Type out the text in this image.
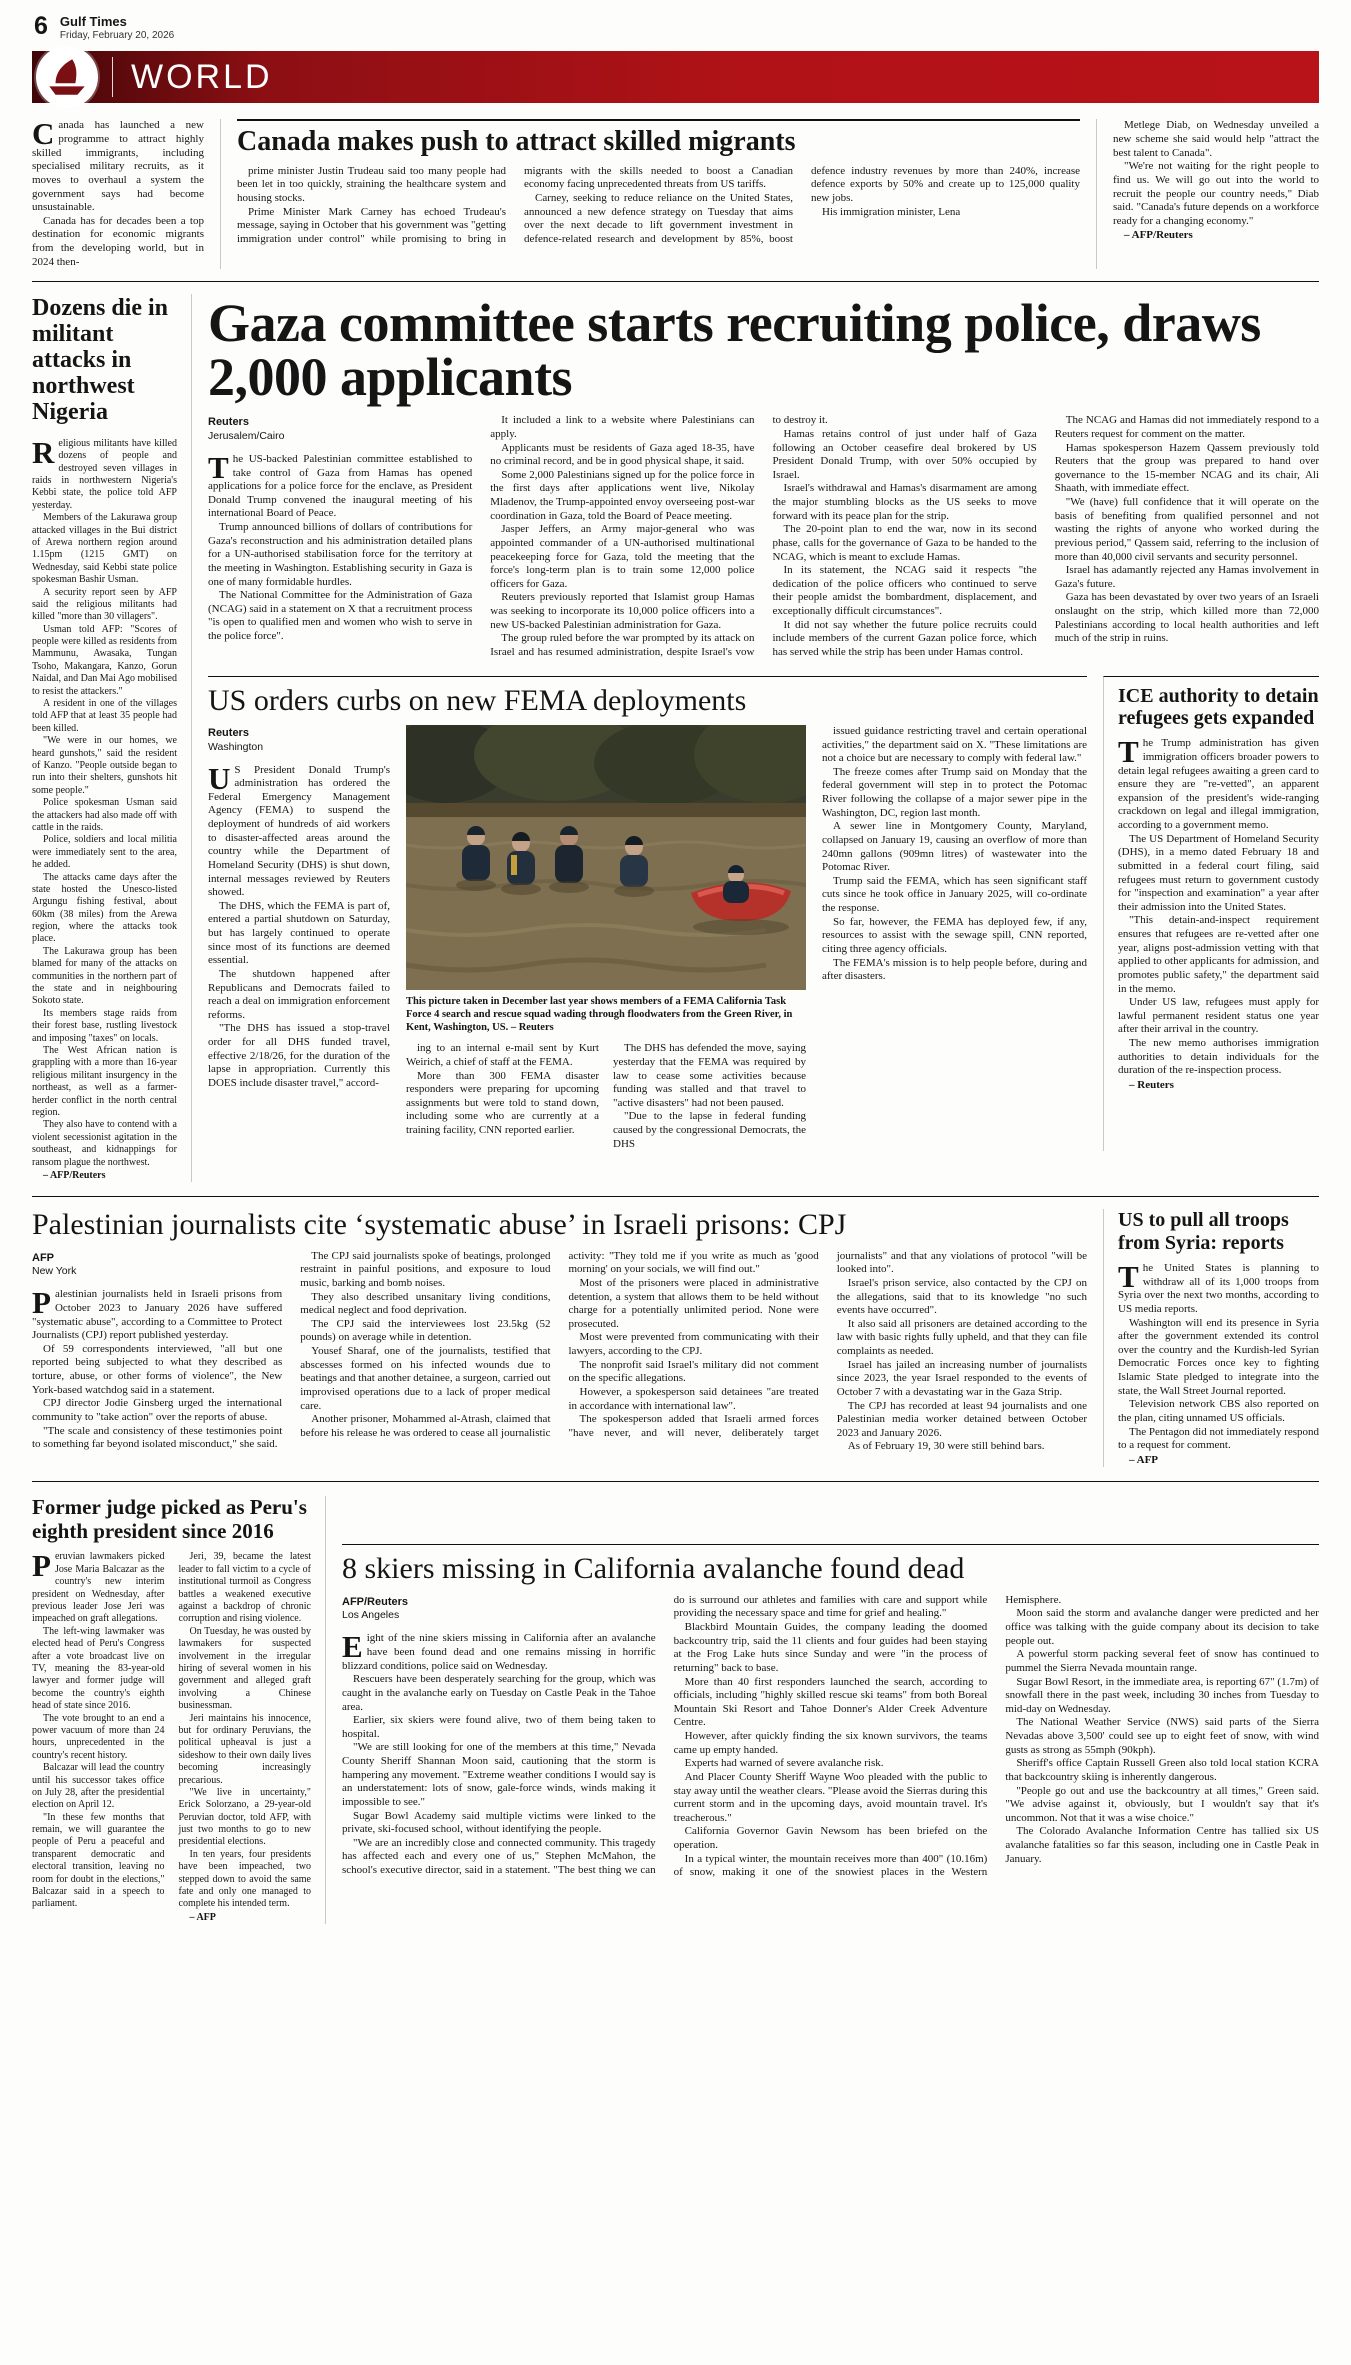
6 Gulf Times
Friday, February 20, 2026
WORLD

Canada has launched a new programme to attract highly skilled immigrants, including specialised military recruits, as it moves to overhaul a system the government says had become unsustainable.

Canada has for decades been a top destination for economic migrants from the developing world, but in 2024 then-

Canada makes push to attract skilled migrants

prime minister Justin Trudeau said too many people had been let in too quickly, straining the healthcare system and housing stocks.

Prime Minister Mark Carney has echoed Trudeau's message, saying in October that his government was "getting immigration under control" while promising to bring in migrants with the skills needed to boost a Canadian economy facing unprecedented threats from US tariffs.

Carney, seeking to reduce reliance on the United States, announced a new defence strategy on Tuesday that aims over the next decade to lift government investment in defence-related research and development by 85%, boost defence industry revenues by more than 240%, increase defence exports by 50% and create up to 125,000 quality new jobs.

His immigration minister, Lena

Metlege Diab, on Wednesday unveiled a new scheme she said would help "attract the best talent to Canada".

"We're not waiting for the right people to find us. We will go out into the world to recruit the people our country needs," Diab said. "Canada's future depends on a workforce ready for a changing economy."

– AFP/Reuters

Dozens die in militant attacks in northwest Nigeria

Religious militants have killed dozens of people and destroyed seven villages in raids in northwestern Nigeria's Kebbi state, the police told AFP yesterday.

Members of the Lakurawa group attacked villages in the Bui district of Arewa northern region around 1.15pm (1215 GMT) on Wednesday, said Kebbi state police spokesman Bashir Usman.

A security report seen by AFP said the religious militants had killed "more than 30 villagers".

Usman told AFP: "Scores of people were killed as residents from Mammunu, Awasaka, Tungan Tsoho, Makangara, Kanzo, Gorun Naidal, and Dan Mai Ago mobilised to resist the attackers."

A resident in one of the villages told AFP that at least 35 people had been killed.

"We were in our homes, we heard gunshots," said the resident of Kanzo. "People outside began to run into their shelters, gunshots hit some people."

Police spokesman Usman said the attackers had also made off with cattle in the raids.

Police, soldiers and local militia were immediately sent to the area, he added.

The attacks came days after the state hosted the Unesco-listed Argungu fishing festival, about 60km (38 miles) from the Arewa region, where the attacks took place.

The Lakurawa group has been blamed for many of the attacks on communities in the northern part of the state and in neighbouring Sokoto state.

Its members stage raids from their forest base, rustling livestock and imposing "taxes" on locals.

The West African nation is grappling with a more than 16-year religious militant insurgency in the northeast, as well as a farmer-herder conflict in the north central region.

They also have to contend with a violent secessionist agitation in the southeast, and kidnappings for ransom plague the northwest.

– AFP/Reuters

Gaza committee starts recruiting police, draws 2,000 applicants
Reuters
Jerusalem/Cairo

The US-backed Palestinian committee established to take control of Gaza from Hamas has opened applications for a police force for the enclave, as President Donald Trump convened the inaugural meeting of his international Board of Peace.

Trump announced billions of dollars of contributions for Gaza's reconstruction and his administration detailed plans for a UN-authorised stabilisation force for the territory at the meeting in Washington. Establishing security in Gaza is one of many formidable hurdles.

The National Committee for the Administration of Gaza (NCAG) said in a statement on X that a recruitment process "is open to qualified men and women who wish to serve in the police force".

It included a link to a website where Palestinians can apply.

Applicants must be residents of Gaza aged 18-35, have no criminal record, and be in good physical shape, it said.

Some 2,000 Palestinians signed up for the police force in the first days after applications went live, Nikolay Mladenov, the Trump-appointed envoy overseeing post-war coordination in Gaza, told the Board of Peace meeting.

Jasper Jeffers, an Army major-general who was appointed commander of a UN-authorised multinational peacekeeping force for Gaza, told the meeting that the force's long-term plan is to train some 12,000 police officers for Gaza.

Reuters previously reported that Islamist group Hamas was seeking to incorporate its 10,000 police officers into a new US-backed Palestinian administration for Gaza.

The group ruled before the war prompted by its attack on Israel and has resumed administration, despite Israel's vow to destroy it.

Hamas retains control of just under half of Gaza following an October ceasefire deal brokered by US President Donald Trump, with over 50% occupied by Israel.

Israel's withdrawal and Hamas's disarmament are among the major stumbling blocks as the US seeks to move forward with its peace plan for the strip.

The 20-point plan to end the war, now in its second phase, calls for the governance of Gaza to be handed to the NCAG, which is meant to exclude Hamas.

In its statement, the NCAG said it respects "the dedication of the police officers who continued to serve their people amidst the bombardment, displacement, and exceptionally difficult circumstances".

It did not say whether the future police recruits could include members of the current Gazan police force, which has served while the strip has been under Hamas control.

The NCAG and Hamas did not immediately respond to a Reuters request for comment on the matter.

Hamas spokesperson Hazem Qassem previously told Reuters that the group was prepared to hand over governance to the 15-member NCAG and its chair, Ali Shaath, with immediate effect.

"We (have) full confidence that it will operate on the basis of benefiting from qualified personnel and not wasting the rights of anyone who worked during the previous period," Qassem said, referring to the inclusion of more than 40,000 civil servants and security personnel.

Israel has adamantly rejected any Hamas involvement in Gaza's future.

Gaza has been devastated by over two years of an Israeli onslaught on the strip, which killed more than 72,000 Palestinians according to local health authorities and left much of the strip in ruins.

US orders curbs on new FEMA deployments
Reuters
Washington

U S President Donald Trump's administration has ordered the Federal Emergency Management Agency (FEMA) to suspend the deployment of hundreds of aid workers to disaster-affected areas around the country while the Department of Homeland Security (DHS) is shut down, internal messages reviewed by Reuters showed.

The DHS, which the FEMA is part of, entered a partial shutdown on Saturday, but has largely continued to operate since most of its functions are deemed essential.

The shutdown happened after Republicans and Democrats failed to reach a deal on immigration enforcement reforms.

"The DHS has issued a stop-travel order for all DHS funded travel, effective 2/18/26, for the duration of the lapse in appropriation. Currently this DOES include disaster travel," accord-

This picture taken in December last year shows members of a FEMA California Task Force 4 search and rescue squad wading through floodwaters from the Green River, in Kent, Washington, US. – Reuters

ing to an internal e-mail sent by Kurt Weirich, a chief of staff at the FEMA.

More than 300 FEMA disaster responders were preparing for upcoming assignments but were told to stand down, including some who are currently at a training facility, CNN reported earlier.

The DHS has defended the move, saying yesterday that the FEMA was required by law to cease some activities because funding was stalled and that travel to "active disasters" had not been paused.

"Due to the lapse in federal funding caused by the congressional Democrats, the DHS

issued guidance restricting travel and certain operational activities," the department said on X. "These limitations are not a choice but are necessary to comply with federal law."

The freeze comes after Trump said on Monday that the federal government will step in to protect the Potomac River following the collapse of a major sewer pipe in the Washington, DC, region last month.

A sewer line in Montgomery County, Maryland, collapsed on January 19, causing an overflow of more than 240mn gallons (909mn litres) of wastewater into the Potomac River.

Trump said the FEMA, which has seen significant staff cuts since he took office in January 2025, will co-ordinate the response.

So far, however, the FEMA has deployed few, if any, resources to assist with the sewage spill, CNN reported, citing three agency officials.

The FEMA's mission is to help people before, during and after disasters.

ICE authority to detain refugees gets expanded

The Trump administration has given immigration officers broader powers to detain legal refugees awaiting a green card to ensure they are "re-vetted", an apparent expansion of the president's wide-ranging crackdown on legal and illegal immigration, according to a government memo.

The US Department of Homeland Security (DHS), in a memo dated February 18 and submitted in a federal court filing, said refugees must return to government custody for "inspection and examination" a year after their admission into the United States.

"This detain-and-inspect requirement ensures that refugees are re-vetted after one year, aligns post-admission vetting with that applied to other applicants for admission, and promotes public safety," the department said in the memo.

Under US law, refugees must apply for lawful permanent resident status one year after their arrival in the country.

The new memo authorises immigration authorities to detain individuals for the duration of the re-inspection process.

– Reuters

Palestinian journalists cite ‘systematic abuse’ in Israeli prisons: CPJ
AFP
New York

Palestinian journalists held in Israeli prisons from October 2023 to January 2026 have suffered "systematic abuse", according to a Committee to Protect Journalists (CPJ) report published yesterday.

Of 59 correspondents interviewed, "all but one reported being subjected to what they described as torture, abuse, or other forms of violence", the New York-based watchdog said in a statement.

CPJ director Jodie Ginsberg urged the international community to "take action" over the reports of abuse.

"The scale and consistency of these testimonies point to something far beyond isolated misconduct," she said.

The CPJ said journalists spoke of beatings, prolonged restraint in painful positions, and exposure to loud music, barking and bomb noises.

They also described unsanitary living conditions, medical neglect and food deprivation.

The CPJ said the interviewees lost 23.5kg (52 pounds) on average while in detention.

Yousef Sharaf, one of the journalists, testified that abscesses formed on his infected wounds due to beatings and that another detainee, a surgeon, carried out improvised operations due to a lack of proper medical care.

Another prisoner, Mohammed al-Atrash, claimed that before his release he was ordered to cease all journalistic activity: "They told me if you write as much as 'good morning' on your socials, we will find out."

Most of the prisoners were placed in administrative detention, a system that allows them to be held without charge for a potentially unlimited period. None were prosecuted.

Most were prevented from communicating with their lawyers, according to the CPJ.

The nonprofit said Israel's military did not comment on the specific allegations.

However, a spokesperson said detainees "are treated in accordance with international law".

The spokesperson added that Israeli armed forces "have never, and will never, deliberately target journalists" and that any violations of protocol "will be looked into".

Israel's prison service, also contacted by the CPJ on the allegations, said that to its knowledge "no such events have occurred".

It also said all prisoners are detained according to the law with basic rights fully upheld, and that they can file complaints as needed.

Israel has jailed an increasing number of journalists since 2023, the year Israel responded to the events of October 7 with a devastating war in the Gaza Strip.

The CPJ has recorded at least 94 journalists and one Palestinian media worker detained between October 2023 and January 2026.

As of February 19, 30 were still behind bars.

US to pull all troops from Syria: reports

The United States is planning to withdraw all of its 1,000 troops from Syria over the next two months, according to US media reports.

Washington will end its presence in Syria after the government extended its control over the country and the Kurdish-led Syrian Democratic Forces once key to fighting Islamic State pledged to integrate into the state, the Wall Street Journal reported.

Television network CBS also reported on the plan, citing unnamed US officials.

The Pentagon did not immediately respond to a request for comment.

– AFP

Former judge picked as Peru's eighth president since 2016

Peruvian lawmakers picked Jose Maria Balcazar as the country's new interim president on Wednesday, after previous leader Jose Jeri was impeached on graft allegations.

The left-wing lawmaker was elected head of Peru's Congress after a vote broadcast live on TV, meaning the 83-year-old lawyer and former judge will become the country's eighth head of state since 2016.

The vote brought to an end a power vacuum of more than 24 hours, unprecedented in the country's recent history.

Balcazar will lead the country until his successor takes office on July 28, after the presidential election on April 12.

"In these few months that remain, we will guarantee the people of Peru a peaceful and transparent democratic and electoral transition, leaving no room for doubt in the elections," Balcazar said in a speech to parliament.

Jeri, 39, became the latest leader to fall victim to a cycle of institutional turmoil as Congress battles a weakened executive against a backdrop of chronic corruption and rising violence.

On Tuesday, he was ousted by lawmakers for suspected involvement in the irregular hiring of several women in his government and alleged graft involving a Chinese businessman.

Jeri maintains his innocence, but for ordinary Peruvians, the political upheaval is just a sideshow to their own daily lives becoming increasingly precarious.

"We live in uncertainty," Erick Solorzano, a 29-year-old Peruvian doctor, told AFP, with just two months to go to new presidential elections.

In ten years, four presidents have been impeached, two stepped down to avoid the same fate and only one managed to complete his intended term.

– AFP

8 skiers missing in California avalanche found dead
AFP/Reuters
Los Angeles

Eight of the nine skiers missing in California after an avalanche have been found dead and one remains missing in horrific blizzard conditions, police said on Wednesday.

Rescuers have been desperately searching for the group, which was caught in the avalanche early on Tuesday on Castle Peak in the Tahoe area.

Earlier, six skiers were found alive, two of them being taken to hospital.

"We are still looking for one of the members at this time," Nevada County Sheriff Shannan Moon said, cautioning that the storm is hampering any movement. "Extreme weather conditions I would say is an understatement: lots of snow, gale-force winds, winds making it impossible to see."

Sugar Bowl Academy said multiple victims were linked to the private, ski-focused school, without identifying the people.

"We are an incredibly close and connected community. This tragedy has affected each and every one of us," Stephen McMahon, the school's executive director, said in a statement. "The best thing we can do is surround our athletes and families with care and support while providing the necessary space and time for grief and healing."

Blackbird Mountain Guides, the company leading the doomed backcountry trip, said the 11 clients and four guides had been staying at the Frog Lake huts since Sunday and were "in the process of returning" back to base.

More than 40 first responders launched the search, according to officials, including "highly skilled rescue ski teams" from both Boreal Mountain Ski Resort and Tahoe Donner's Alder Creek Adventure Centre.

However, after quickly finding the six known survivors, the teams came up empty handed.

Experts had warned of severe avalanche risk.

And Placer County Sheriff Wayne Woo pleaded with the public to stay away until the weather clears. "Please avoid the Sierras during this current storm and in the upcoming days, avoid mountain travel. It's treacherous."

California Governor Gavin Newsom has been briefed on the operation.

In a typical winter, the mountain receives more than 400" (10.16m) of snow, making it one of the snowiest places in the Western Hemisphere.

Moon said the storm and avalanche danger were predicted and her office was talking with the guide company about its decision to take people out.

A powerful storm packing several feet of snow has continued to pummel the Sierra Nevada mountain range.

Sugar Bowl Resort, in the immediate area, is reporting 67" (1.7m) of snowfall there in the past week, including 30 inches from Tuesday to mid-day on Wednesday.

The National Weather Service (NWS) said parts of the Sierra Nevadas above 3,500' could see up to eight feet of snow, with wind gusts as strong as 55mph (90kph).

Sheriff's office Captain Russell Green also told local station KCRA that backcountry skiing is inherently dangerous.

"People go out and use the backcountry at all times," Green said. "We advise against it, obviously, but I wouldn't say that it's uncommon. Not that it was a wise choice."

The Colorado Avalanche Information Centre has tallied six US avalanche fatalities so far this season, including one in Castle Peak in January.
